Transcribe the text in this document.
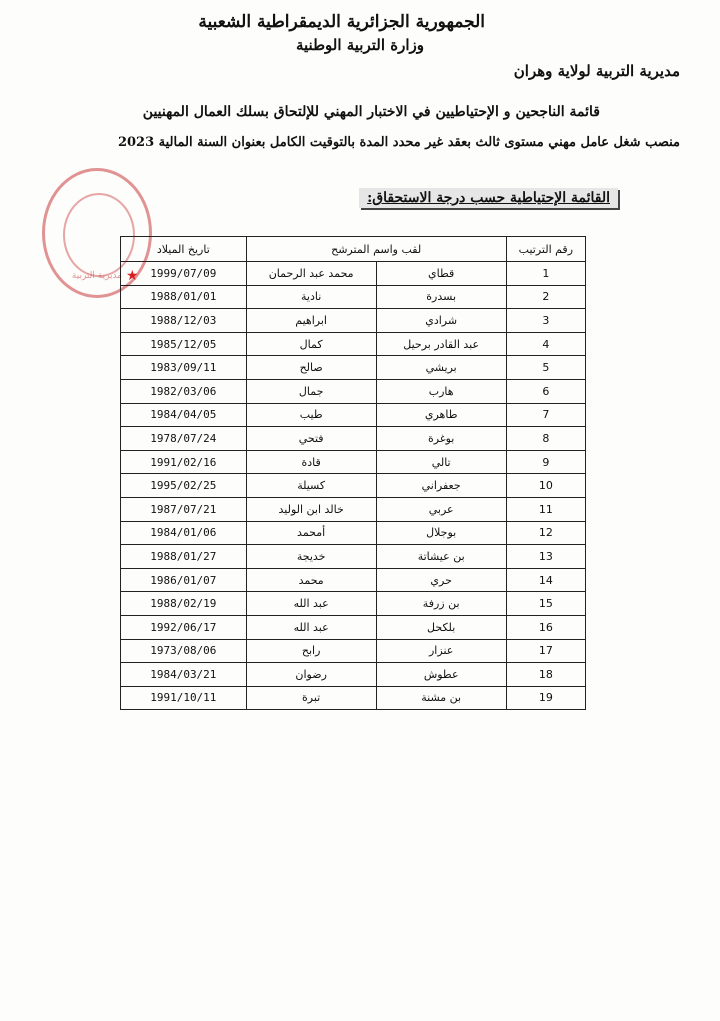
الجمهورية الجزائرية الديمقراطية الشعبية
وزارة التربية الوطنية
مديرية التربية لولاية وهران
قائمة الناجحين و الإحتياطيين في الاختبار المهني للإلتحاق بسلك العمال المهنيين
منصب شغل عامل مهني مستوى ثالث بعقد غير محدد المدة بالتوقيت الكامل بعنوان السنة المالية 2023
مديرية التربية ★
القائمة الإحتياطية حسب درجة الاستحقاق:
رقم الترتيب	لقب واسم المترشح		تاريخ الميلاد
1	قطاي	محمد عبد الرحمان	1999/07/09
2	بسدرة	نادية	1988/01/01
3	شرادي	ابراهيم	1988/12/03
4	عبد القادر برحيل	كمال	1985/12/05
5	بريشي	صالح	1983/09/11
6	هارب	جمال	1982/03/06
7	طاهري	طيب	1984/04/05
8	بوغرة	فتحي	1978/07/24
9	تالي	قادة	1991/02/16
10	جعفراني	كسيلة	1995/02/25
11	عربي	خالد ابن الوليد	1987/07/21
12	بوجلال	أمحمد	1984/01/06
13	بن عيشاتة	خديجة	1988/01/27
14	حري	محمد	1986/01/07
15	بن زرفة	عبد الله	1988/02/19
16	بلكحل	عبد الله	1992/06/17
17	عنزار	رابح	1973/08/06
18	عطوش	رضوان	1984/03/21
19	بن مشنة	تبرة	1991/10/11
